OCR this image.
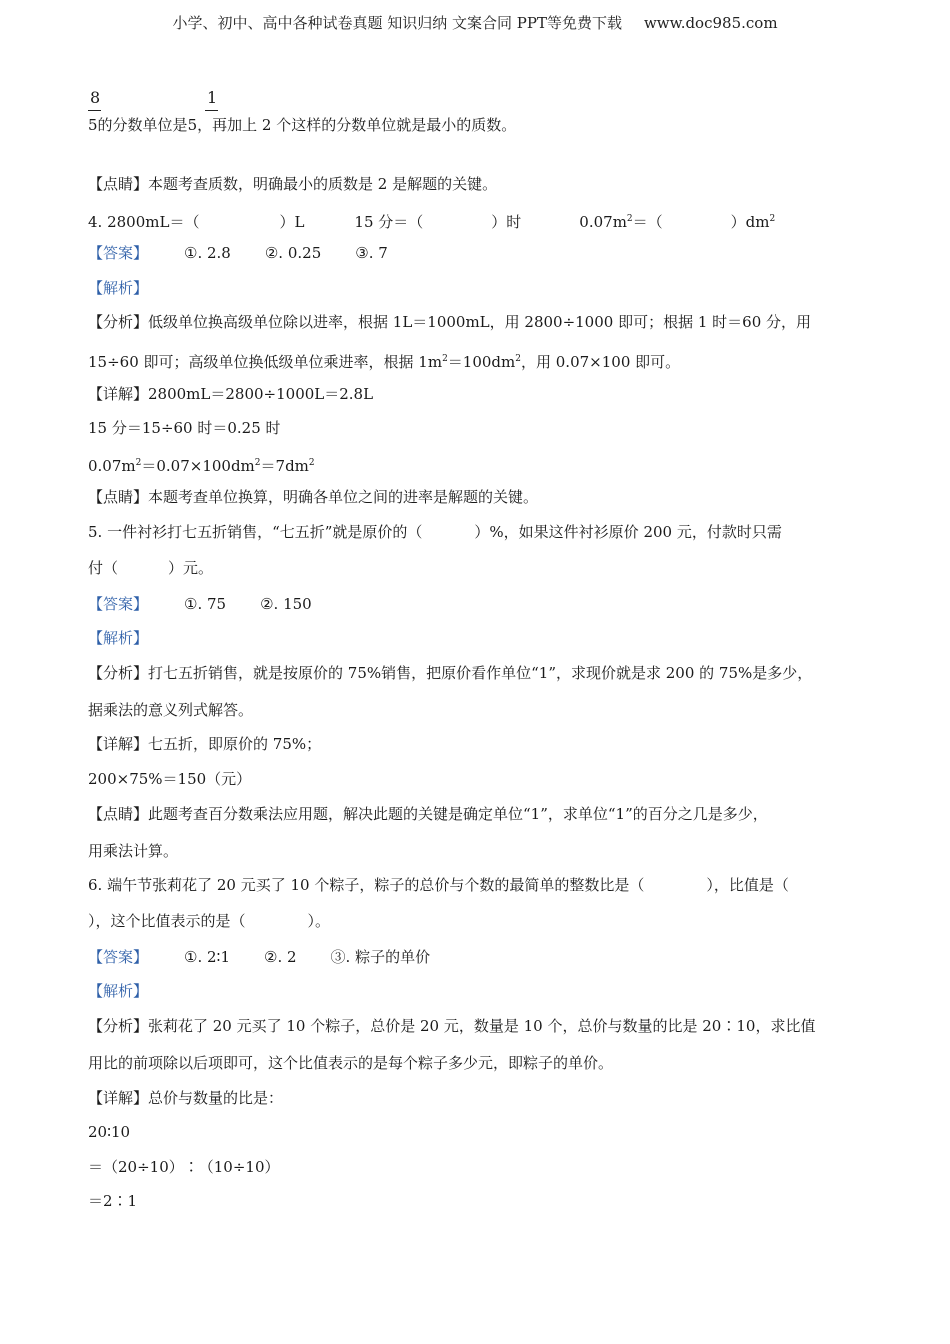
小学、初中、高中各种试卷真题 知识归纳 文案合同 PPT等免费下载 www.doc985.com
8	1
5的分数单位是5，再加上 2 个这样的分数单位就是最小的质数。
【点睛】本题考查质数，明确最小的质数是 2 是解题的关键。
4. 2800mL＝（	）L	15 分＝（	）时	$0.07m^2=$（	）$dm^2$
【答案】 ①. 2.8 ②. 0.25 ③. 7
【解析】
【分析】低级单位换高级单位除以进率，根据 1L＝1000mL，用 2800÷1000 即可；根据 1 时＝60 分，用
15÷60 即可；高级单位换低级单位乘进率，根据 $1m^2=100dm^2$，用 0.07×100 即可。
【详解】2800mL＝2800÷1000L＝2.8L
15 分＝15÷60 时＝0.25 时
$0.07m^2=0.07\times 100dm^2=7dm^2$
【点睛】本题考查单位换算，明确各单位之间的进率是解题的关键。
5. 一件衬衫打七五折销售，“七五折”就是原价的（	）%，如果这件衬衫原价 200 元，付款时只需
付（	）元。
【答案】 ①. 75 ②. 150
【解析】
【分析】打七五折销售，就是按原价的 75%销售，把原价看作单位“1”，求现价就是求 200 的 75%是多少，
据乘法的意义列式解答。
【详解】七五折，即原价的 75%；
200×75%＝150（元）
【点睛】此题考查百分数乘法应用题，解决此题的关键是确定单位“1”，求单位“1”的百分之几是多少，
用乘法计算。
6. 端午节张莉花了 20 元买了 10 个粽子，粽子的总价与个数的最简单的整数比是（	），比值是（
），这个比值表示的是（	）。
【答案】 ①. 2∶1 ②. 2 ③. 粽子的单价
【解析】
【分析】张莉花了 20 元买了 10 个粽子，总价是 20 元，数量是 10 个，总价与数量的比是 20∶10，求比值
用比的前项除以后项即可，这个比值表示的是每个粽子多少元，即粽子的单价。
【详解】总价与数量的比是：
20∶10
＝（20÷10）∶（10÷10）
＝2∶1
